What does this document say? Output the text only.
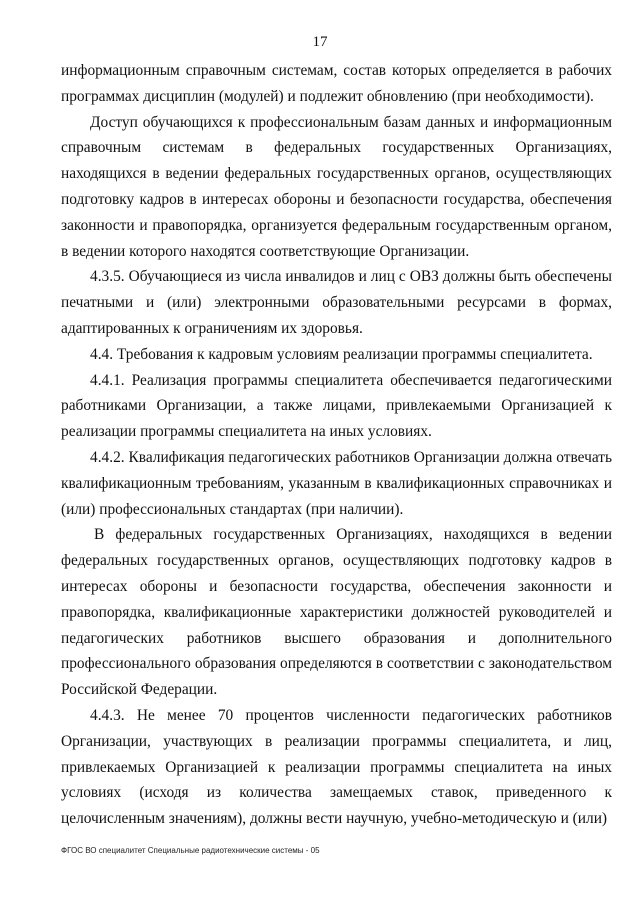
17

информационным справочным системам, состав которых определяется в рабочих программах дисциплин (модулей) и подлежит обновлению (при необходимости).

Доступ обучающихся к профессиональным базам данных и информационным справочным системам в федеральных государственных Организациях, находящихся в ведении федеральных государственных органов, осуществляющих подготовку кадров в интересах обороны и безопасности государства, обеспечения законности и правопорядка, организуется федеральным государственным органом, в ведении которого находятся соответствующие Организации.

4.3.5. Обучающиеся из числа инвалидов и лиц с ОВЗ должны быть обеспечены печатными и (или) электронными образовательными ресурсами в формах, адаптированных к ограничениям их здоровья.

4.4. Требования к кадровым условиям реализации программы специалитета.

4.4.1. Реализация программы специалитета обеспечивается педагогическими работниками Организации, а также лицами, привлекаемыми Организацией к реализации программы специалитета на иных условиях.

4.4.2. Квалификация педагогических работников Организации должна отвечать квалификационным требованиям, указанным в квалификационных справочниках и (или) профессиональных стандартах (при наличии).

В федеральных государственных Организациях, находящихся в ведении федеральных государственных органов, осуществляющих подготовку кадров в интересах обороны и безопасности государства, обеспечения законности и правопорядка, квалификационные характеристики должностей руководителей и педагогических работников высшего образования и дополнительного профессионального образования определяются в соответствии с законодательством Российской Федерации.

4.4.3. Не менее 70 процентов численности педагогических работников Организации, участвующих в реализации программы специалитета, и лиц, привлекаемых Организацией к реализации программы специалитета на иных условиях (исходя из количества замещаемых ставок, приведенного к целочисленным значениям), должны вести научную, учебно-методическую и (или)

ФГОС ВО специалитет Специальные радиотехнические системы - 05
